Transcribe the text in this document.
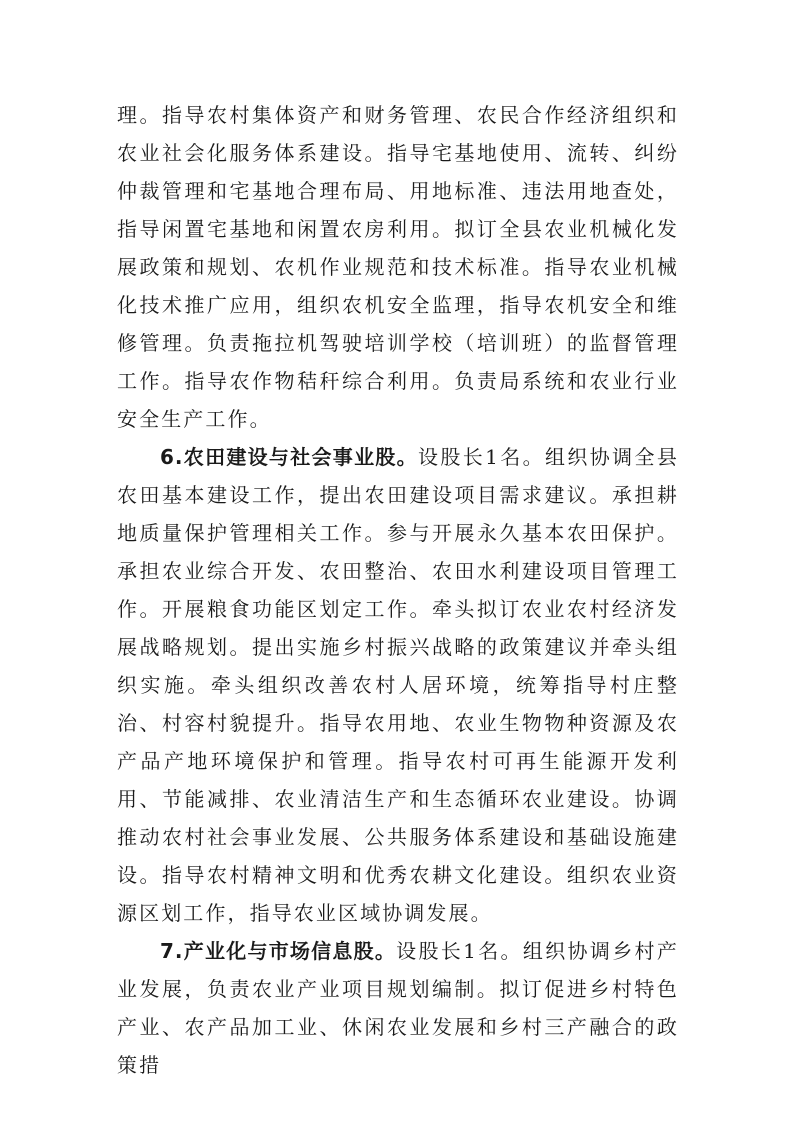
理。指导农村集体资产和财务管理、农民合作经济组织和农业社会化服务体系建设。指导宅基地使用、流转、纠纷仲裁管理和宅基地合理布局、用地标准、违法用地查处，指导闲置宅基地和闲置农房利用。拟订全县农业机械化发展政策和规划、农机作业规范和技术标准。指导农业机械化技术推广应用，组织农机安全监理，指导农机安全和维修管理。负责拖拉机驾驶培训学校（培训班）的监督管理工作。指导农作物秸秆综合利用。负责局系统和农业行业安全生产工作。

6.农田建设与社会事业股。设股长1名。组织协调全县农田基本建设工作，提出农田建设项目需求建议。承担耕地质量保护管理相关工作。参与开展永久基本农田保护。承担农业综合开发、农田整治、农田水利建设项目管理工作。开展粮食功能区划定工作。牵头拟订农业农村经济发展战略规划。提出实施乡村振兴战略的政策建议并牵头组织实施。牵头组织改善农村人居环境，统筹指导村庄整治、村容村貌提升。指导农用地、农业生物物种资源及农产品产地环境保护和管理。指导农村可再生能源开发利用、节能减排、农业清洁生产和生态循环农业建设。协调推动农村社会事业发展、公共服务体系建设和基础设施建设。指导农村精神文明和优秀农耕文化建设。组织农业资源区划工作，指导农业区域协调发展。

7.产业化与市场信息股。设股长1名。组织协调乡村产业发展，负责农业产业项目规划编制。拟订促进乡村特色产业、农产品加工业、休闲农业发展和乡村三产融合的政策措
